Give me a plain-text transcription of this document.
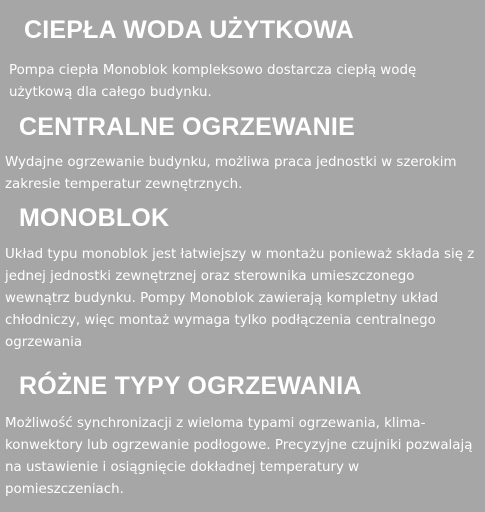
CIEPŁA WODA UŻYTKOWA
Pompa ciepła Monoblok kompleksowo dostarcza ciepłą wodę użytkową dla całego budynku.
CENTRALNE OGRZEWANIE
Wydajne ogrzewanie budynku, możliwa praca jednostki w szerokim zakresie temperatur zewnętrznych.
MONOBLOK
Układ typu monoblok jest łatwiejszy w montażu ponieważ składa się z jednej jednostki zewnętrznej oraz sterownika umieszczonego wewnątrz budynku. Pompy Monoblok zawierają kompletny układ chłodniczy, więc montaż wymaga tylko podłączenia centralnego ogrzewania
RÓŻNE TYPY OGRZEWANIA
Możliwość synchronizacji z wieloma typami ogrzewania, klima-konwektory lub ogrzewanie podłogowe. Precyzyjne czujniki pozwalają na ustawienie i osiągnięcie dokładnej temperatury w pomieszczeniach.
